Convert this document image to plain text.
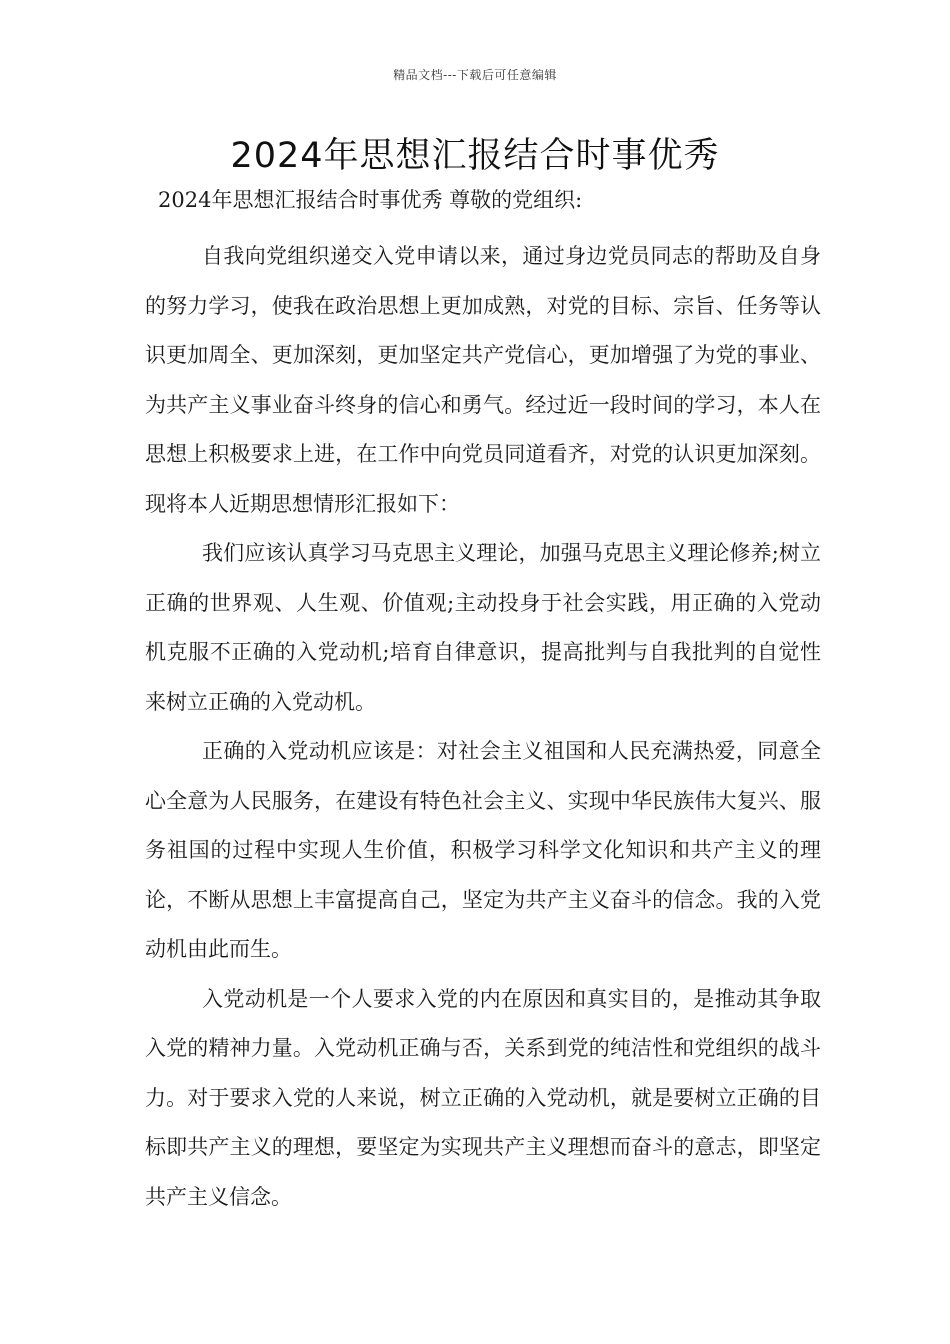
精品文档---下载后可任意编辑
2024年思想汇报结合时事优秀
2024年思想汇报结合时事优秀 尊敬的党组织:

自我向党组织递交入党申请以来，通过身边党员同志的帮助及自身的努力学习，使我在政治思想上更加成熟，对党的目标、宗旨、任务等认识更加周全、更加深刻，更加坚定共产党信心，更加增强了为党的事业、为共产主义事业奋斗终身的信心和勇气。经过近一段时间的学习，本人在思想上积极要求上进，在工作中向党员同道看齐，对党的认识更加深刻。现将本人近期思想情形汇报如下：

我们应该认真学习马克思主义理论，加强马克思主义理论修养;树立正确的世界观、人生观、价值观;主动投身于社会实践，用正确的入党动机克服不正确的入党动机;培育自律意识，提高批判与自我批判的自觉性来树立正确的入党动机。

正确的入党动机应该是：对社会主义祖国和人民充满热爱，同意全心全意为人民服务，在建设有特色社会主义、实现中华民族伟大复兴、服务祖国的过程中实现人生价值，积极学习科学文化知识和共产主义的理论，不断从思想上丰富提高自己，坚定为共产主义奋斗的信念。我的入党动机由此而生。

入党动机是一个人要求入党的内在原因和真实目的，是推动其争取入党的精神力量。入党动机正确与否，关系到党的纯洁性和党组织的战斗力。对于要求入党的人来说，树立正确的入党动机，就是要树立正确的目标即共产主义的理想，要坚定为实现共产主义理想而奋斗的意志，即坚定共产主义信念。
